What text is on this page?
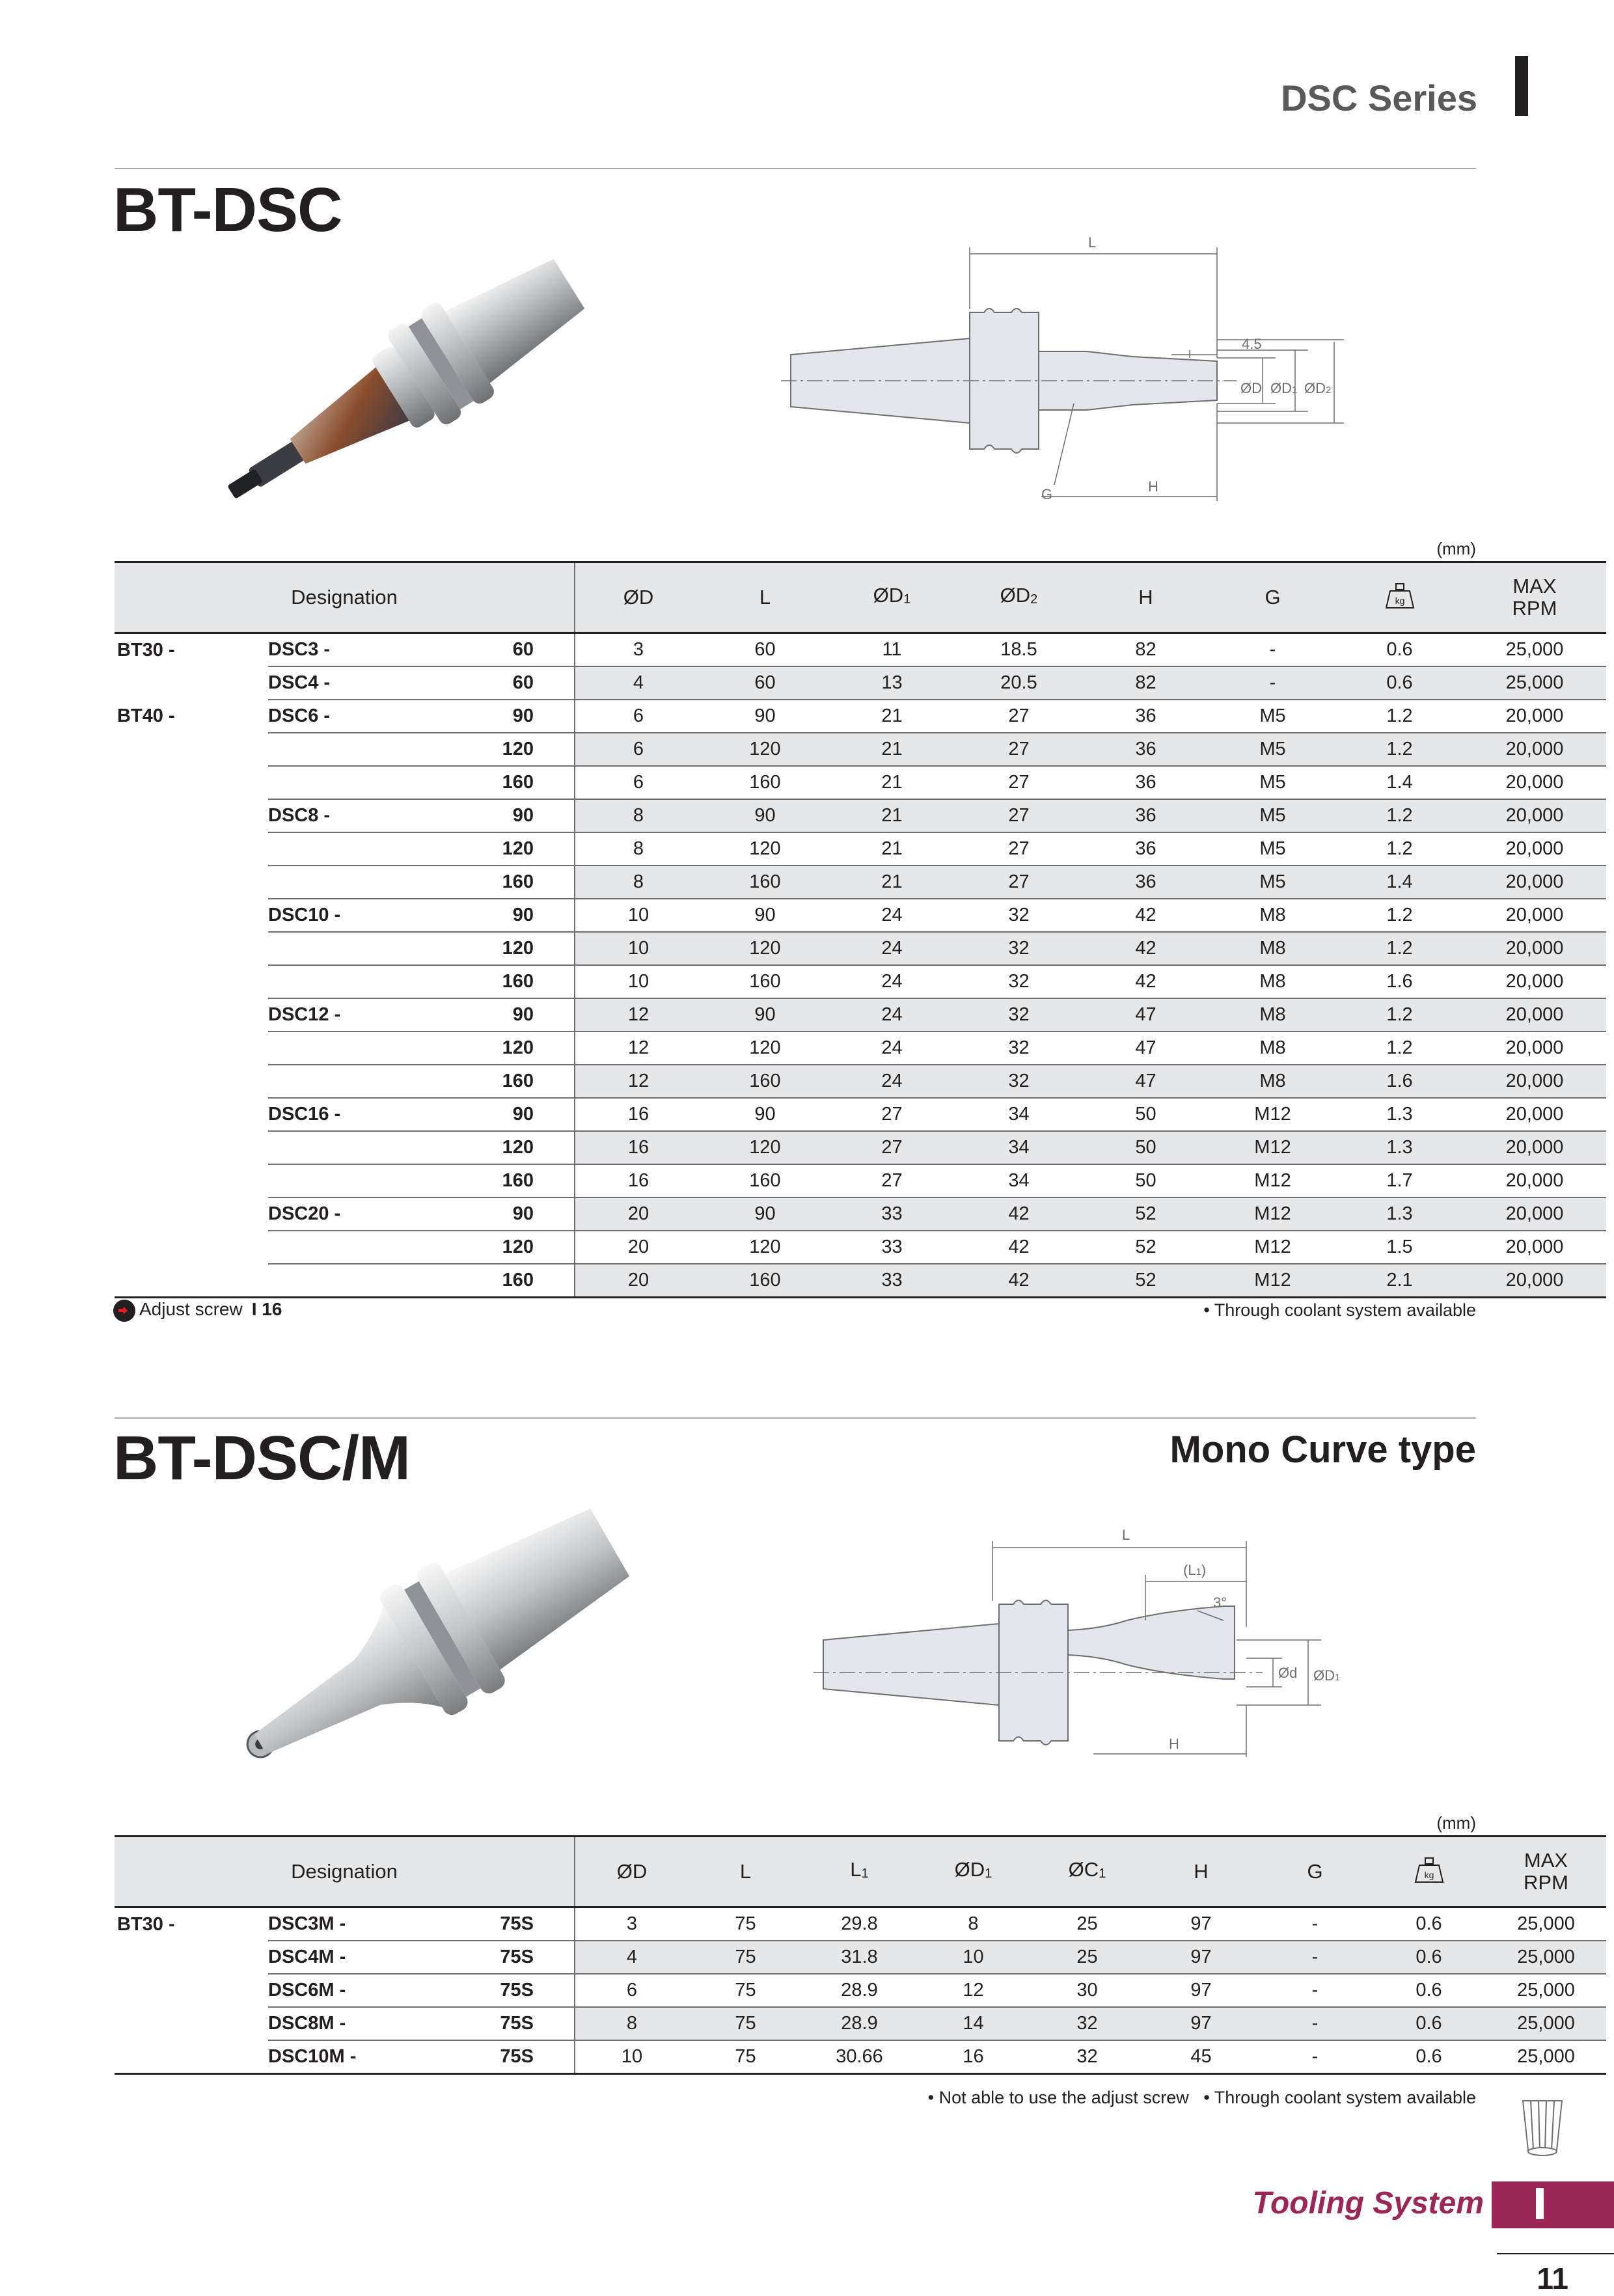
DSC Series
BT-DSC	L
4.5
ØD ØD1 ØD2
G	H
(mm)
Designation			ØD	L	ØD1	ØD2	H	G	kg	MAX
RPM
BT30 -	DSC3 -	60	3	60	11	18.5	82	-	0.6	25,000
	DSC4 -	60	4	60	13	20.5	82	-	0.6	25,000
BT40 -	DSC6 -	90	6	90	21	27	36	M5	1.2	20,000
		120	6	120	21	27	36	M5	1.2	20,000
		160	6	160	21	27	36	M5	1.4	20,000
	DSC8 -	90	8	90	21	27	36	M5	1.2	20,000
		120	8	120	21	27	36	M5	1.2	20,000
		160	8	160	21	27	36	M5	1.4	20,000
	DSC10 -	90	10	90	24	32	42	M8	1.2	20,000
		120	10	120	24	32	42	M8	1.2	20,000
		160	10	160	24	32	42	M8	1.6	20,000
	DSC12 -	90	12	90	24	32	47	M8	1.2	20,000
		120	12	120	24	32	47	M8	1.2	20,000
		160	12	160	24	32	47	M8	1.6	20,000
	DSC16 -	90	16	90	27	34	50	M12	1.3	20,000
		120	16	120	27	34	50	M12	1.3	20,000
		160	16	160	27	34	50	M12	1.7	20,000
	DSC20 -	90	20	90	33	42	52	M12	1.3	20,000
		120	20	120	33	42	52	M12	1.5	20,000
		160	20	160	33	42	52	M12	2.1	20,000
Adjust screw I 16	• Through coolant system available
BT-DSC/M	Mono Curve type
L
(L1)
3°
Ød ØD1
H
(mm)
Designation			ØD	L	L1	ØD1	ØC1	H	G	kg	MAX
RPM
BT30 -	DSC3M -	75S	3	75	29.8	8	25	97	-	0.6	25,000
	DSC4M -	75S	4	75	31.8	10	25	97	-	0.6	25,000
	DSC6M -	75S	6	75	28.9	12	30	97	-	0.6	25,000
	DSC8M -	75S	8	75	28.9	14	32	97	-	0.6	25,000
	DSC10M -	75S	10	75	30.66	16	32	45	-	0.6	25,000
• Not able to use the adjust screw • Through coolant system available
Tooling System
11
